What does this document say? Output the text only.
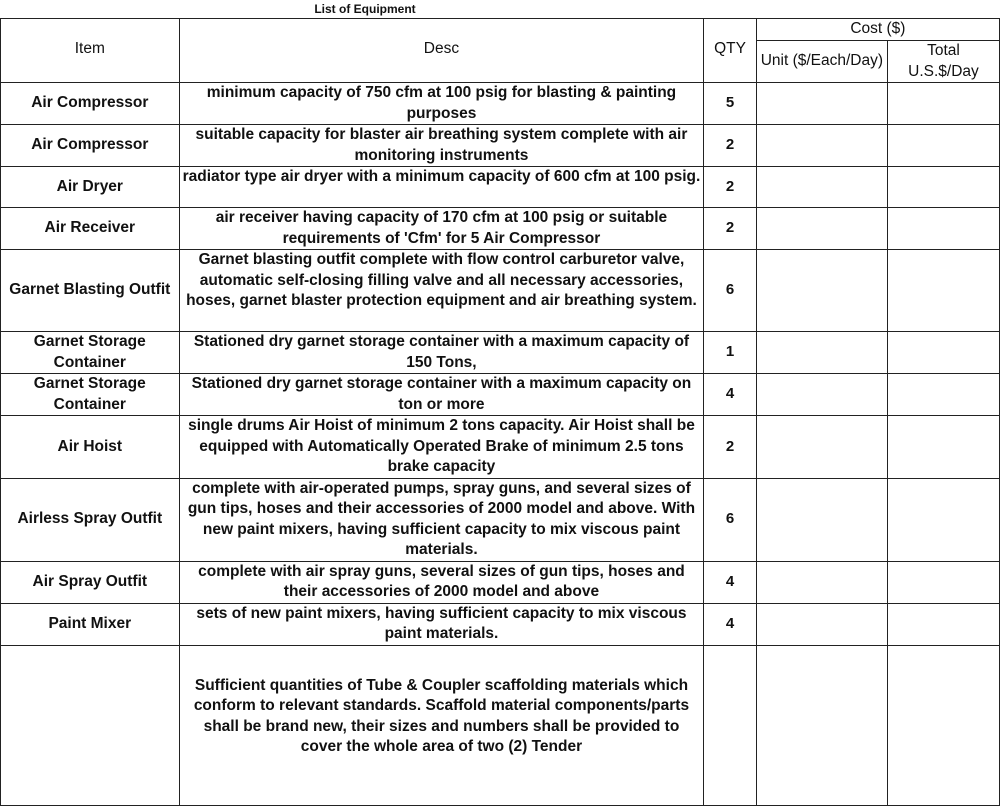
List of Equipment
Item	Desc	QTY	Cost ($)	
			Unit ($/Each/Day)	Total U.S.$/Day
Air Compressor	minimum capacity of 750 cfm at 100 psig for blasting & painting purposes	5		
Air Compressor	suitable capacity for blaster air breathing system complete with air monitoring instruments	2		
Air Dryer	radiator type air dryer with a minimum capacity of 600 cfm at 100 psig.	2		
Air Receiver	air receiver having capacity of 170 cfm at 100 psig or suitable requirements of 'Cfm' for 5 Air Compressor	2		
Garnet Blasting Outfit	Garnet blasting outfit complete with flow control carburetor valve, automatic self-closing filling valve and all necessary accessories, hoses, garnet blaster protection equipment and air breathing system.	6		
Garnet Storage Container	Stationed dry garnet storage container with a maximum capacity of 150 Tons,	1		
Garnet Storage Container	Stationed dry garnet storage container with a maximum capacity on ton or more	4		
Air Hoist	single drums Air Hoist of minimum 2 tons capacity. Air Hoist shall be equipped with Automatically Operated Brake of minimum 2.5 tons brake capacity	2		
Airless Spray Outfit	complete with air-operated pumps, spray guns, and several sizes of gun tips, hoses and their accessories of 2000 model and above. With new paint mixers, having sufficient capacity to mix viscous paint materials.	6		
Air Spray Outfit	complete with air spray guns, several sizes of gun tips, hoses and their accessories of 2000 model and above	4		
Paint Mixer	sets of new paint mixers, having sufficient capacity to mix viscous paint materials.	4		
	Sufficient quantities of Tube & Coupler scaffolding materials which conform to relevant standards. Scaffold material components/parts shall be brand new, their sizes and numbers shall be provided to cover the whole area of two (2) Tender			
